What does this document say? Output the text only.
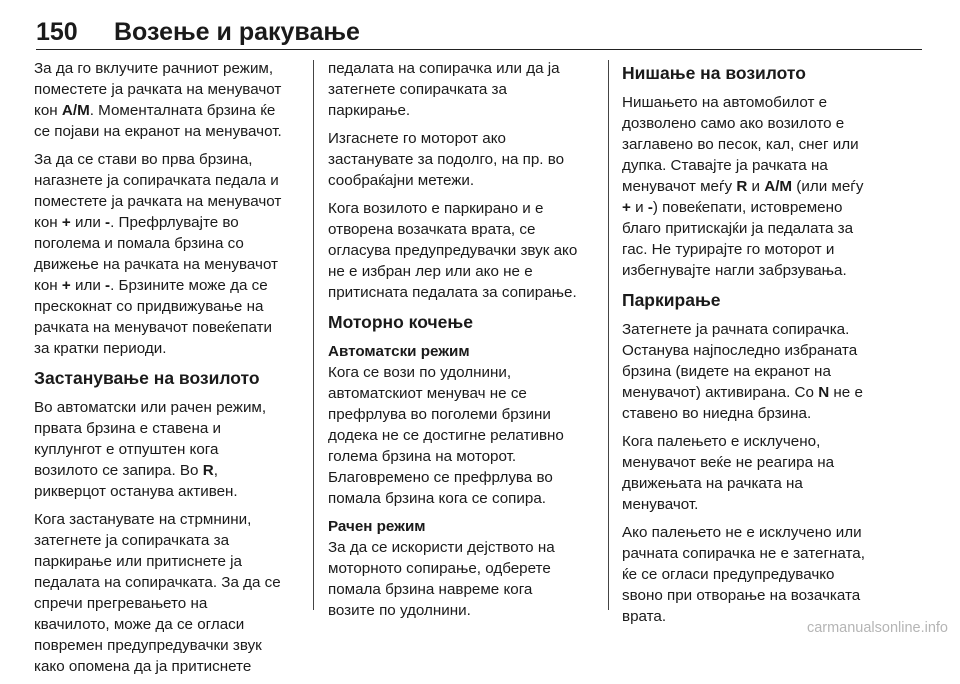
150 Возење и ракување

За да го вклучите рачниот режим,
поместете ја рачката на менувачот
кон A/M. Моменталната брзина ќе
се појави на екранот на менувачот.

За да се стави во прва брзина,
нагазнете ја сопирачката педала и
поместете ја рачката на менувачот
кон + или -. Префрлувајте во
поголема и помала брзина со
движење на рачката на менувачот
кон + или -. Брзините може да се
прескокнат со придвижување на
рачката на менувачот повеќепати
за кратки периоди.

Застанување на возилото

Во автоматски или рачен режим,
првата брзина е ставена и
куплунгот е отпуштен кога
возилото се запира. Во R,
рикверцот останува активен.

Кога застанувате на стрмнини,
затегнете ја сопирачката за
паркирање или притиснете ја
педалата на сопирачката. За да се
спречи прегревањето на
квачилото, може да се огласи
повремен предупредувачки звук
како опомена да ја притиснете

педалата на сопирачка или да ја
затегнете сопирачката за
паркирање.

Изгаснете го моторот ако
застанувате за подолго, на пр. во
сообраќајни метежи.

Кога возилото е паркирано и е
отворена возачката врата, се
огласува предупредувачки звук ако
не е избран лер или ако не е
притисната педалата за сопирање.

Моторно кочење
Автоматски режим

Кога се вози по удолнини,
автоматскиот менувач не се
префрлува во поголеми брзини
додека не се достигне релативно
голема брзина на моторот.
Благовремено се префрлува во
помала брзина кога се сопира.

Рачен режим

За да се искористи дејството на
моторното сопирање, одберете
помала брзина навреме кога
возите по удолнини.

Нишање на возилото

Нишањето на автомобилот е
дозволено само ако возилото е
заглавено во песок, кал, снег или
дупка. Ставајте ја рачката на
менувачот меѓу R и A/M (или меѓу
+ и -) повеќепати, истовремено
благо притискајќи ја педалата за
гас. Не турирајте го моторот и
избегнувајте нагли забрзувања.

Паркирање

Затегнете ја рачната сопирачка.
Останува најпоследно избраната
брзина (видете на екранот на
менувачот) активирана. Со N не е
ставено во ниедна брзина.

Кога палењето е исклучено,
менувачот веќе не реагира на
движењата на рачката на
менувачот.

Ако палењето не е исклучено или
рачната сопирачка не е затегната,
ќе се огласи предупредувачко
sвоно при отворање на возачката
врата.

carmanualsonline.info
